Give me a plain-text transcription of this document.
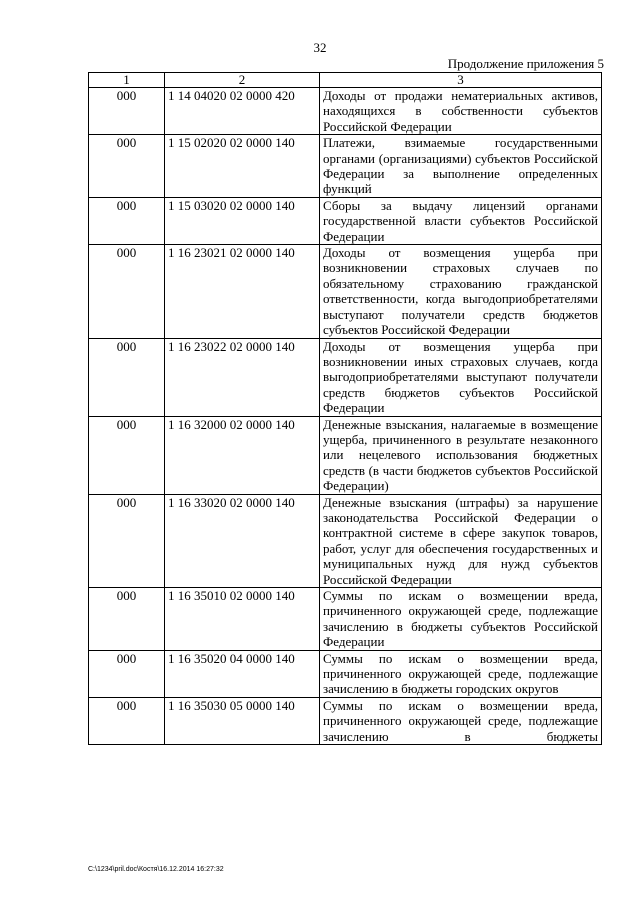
32
Продолжение приложения 5
1	2	3
000	1 14 04020 02 0000 420	Доходы от продажи нематериальных активов, находящихся в собственности субъектов Российской Федерации

000	1 15 02020 02 0000 140	Платежи, взимаемые государственными органами (организациями) субъектов Российской Федерации за выполнение определенных функций

000	1 15 03020 02 0000 140	Сборы за выдачу лицензий органами государственной власти субъектов Российской Федерации

000	1 16 23021 02 0000 140	Доходы от возмещения ущерба при возникновении страховых случаев по обязательному страхованию гражданской ответственности, когда выгодоприобретателями выступают получатели средств бюджетов субъектов Российской Федерации

000	1 16 23022 02 0000 140	Доходы от возмещения ущерба при возникновении иных страховых случаев, когда выгодоприобретателями выступают получатели средств бюджетов субъектов Российской Федерации

000	1 16 32000 02 0000 140	Денежные взыскания, налагаемые в возмещение ущерба, причиненного в результате незаконного или нецелевого использования бюджетных средств (в части бюджетов субъектов Российской Федерации)

000	1 16 33020 02 0000 140	Денежные взыскания (штрафы) за нарушение законодательства Российской Федерации о контрактной системе в сфере закупок товаров, работ, услуг для обеспечения государственных и муниципальных нужд для нужд субъектов Российской Федерации

000	1 16 35010 02 0000 140	Суммы по искам о возмещении вреда, причиненного окружающей среде, подлежащие зачислению в бюджеты субъектов Российской Федерации

000	1 16 35020 04 0000 140	Суммы по искам о возмещении вреда, причиненного окружающей среде, подлежащие зачислению в бюджеты городских округов

000	1 16 35030 05 0000 140	Суммы по искам о возмещении вреда, причиненного окружающей среде, подлежащие зачислению в бюджеты
C:\1234\pril.doc\Костя\16.12.2014 16:27:32
